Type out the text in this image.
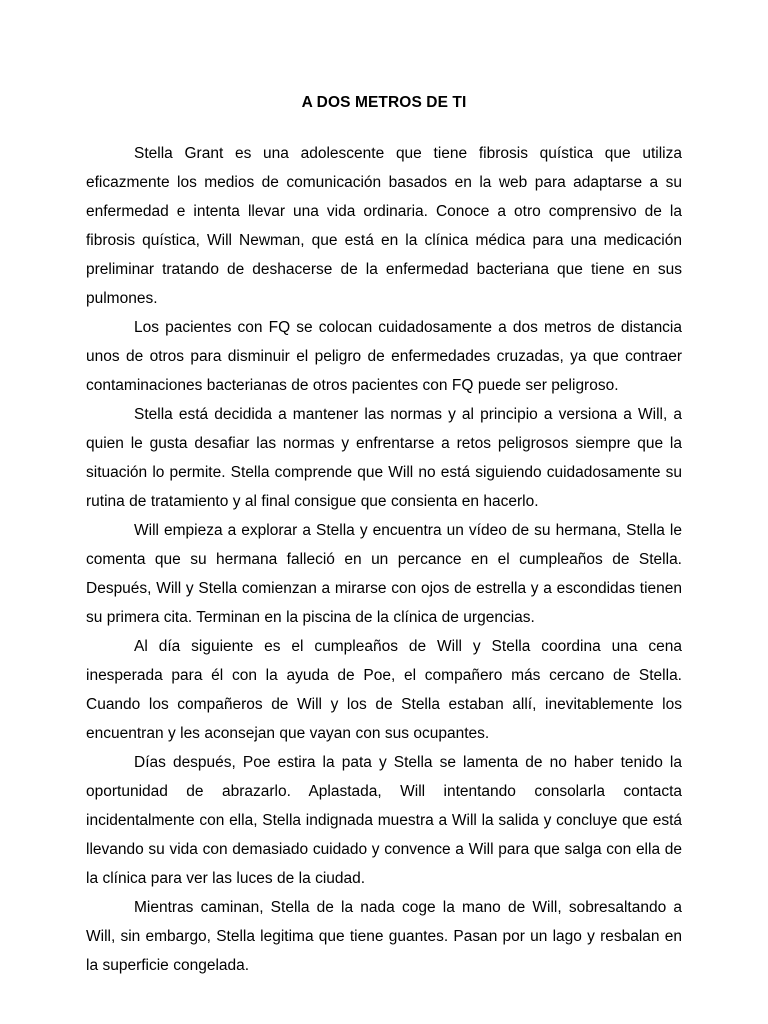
A DOS METROS DE TI

Stella Grant es una adolescente que tiene fibrosis quística que utiliza eficazmente los medios de comunicación basados en la web para adaptarse a su enfermedad e intenta llevar una vida ordinaria. Conoce a otro comprensivo de la fibrosis quística, Will Newman, que está en la clínica médica para una medicación preliminar tratando de deshacerse de la enfermedad bacteriana que tiene en sus pulmones.

Los pacientes con FQ se colocan cuidadosamente a dos metros de distancia unos de otros para disminuir el peligro de enfermedades cruzadas, ya que contraer contaminaciones bacterianas de otros pacientes con FQ puede ser peligroso.

Stella está decidida a mantener las normas y al principio a versiona a Will, a quien le gusta desafiar las normas y enfrentarse a retos peligrosos siempre que la situación lo permite. Stella comprende que Will no está siguiendo cuidadosamente su rutina de tratamiento y al final consigue que consienta en hacerlo.

Will empieza a explorar a Stella y encuentra un vídeo de su hermana, Stella le comenta que su hermana falleció en un percance en el cumpleaños de Stella. Después, Will y Stella comienzan a mirarse con ojos de estrella y a escondidas tienen su primera cita. Terminan en la piscina de la clínica de urgencias.

Al día siguiente es el cumpleaños de Will y Stella coordina una cena inesperada para él con la ayuda de Poe, el compañero más cercano de Stella. Cuando los compañeros de Will y los de Stella estaban allí, inevitablemente los encuentran y les aconsejan que vayan con sus ocupantes.

Días después, Poe estira la pata y Stella se lamenta de no haber tenido la oportunidad de abrazarlo. Aplastada, Will intentando consolarla contacta incidentalmente con ella, Stella indignada muestra a Will la salida y concluye que está llevando su vida con demasiado cuidado y convence a Will para que salga con ella de la clínica para ver las luces de la ciudad.

Mientras caminan, Stella de la nada coge la mano de Will, sobresaltando a Will, sin embargo, Stella legitima que tiene guantes. Pasan por un lago y resbalan en la superficie congelada.
